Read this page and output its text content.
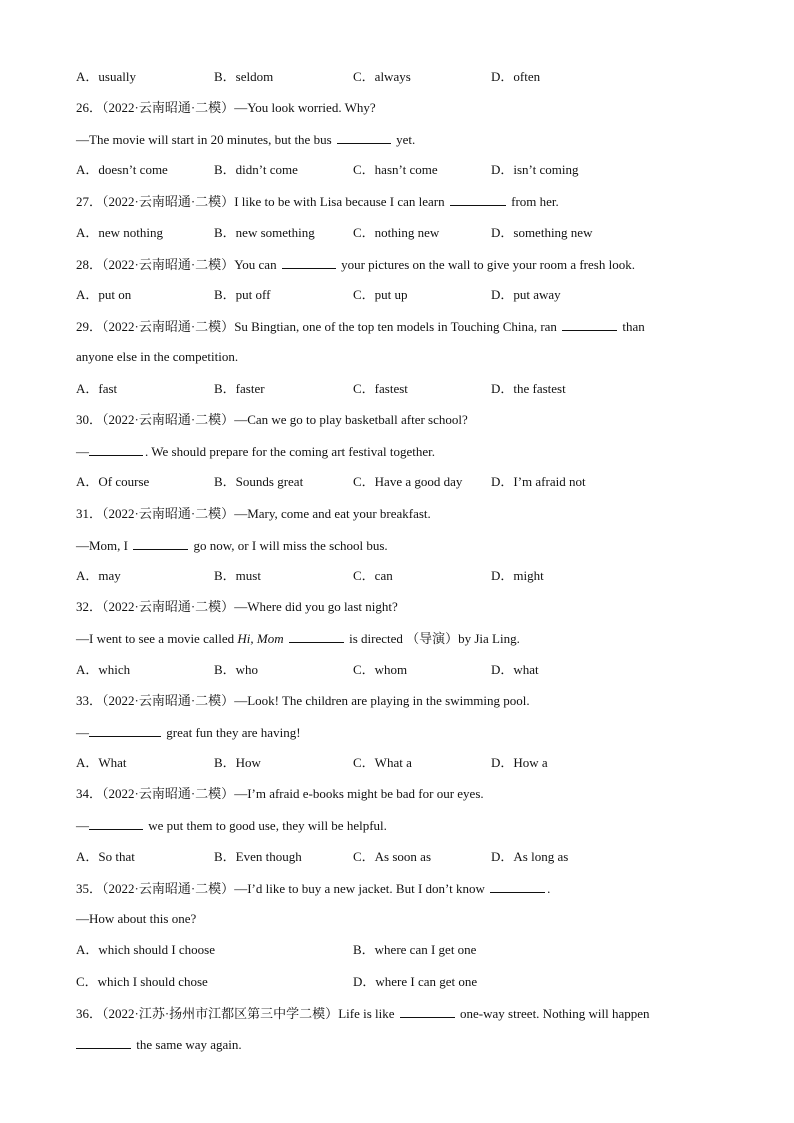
A．usually	B．seldom	C．always	D．often
26．（2022·云南昭通·二模）—You look worried. Why?
—The movie will start in 20 minutes, but the bus	yet.
A．doesn’t come	B．didn’t come	C．hasn’t come	D．isn’t coming
27．（2022·云南昭通·二模）I like to be with Lisa because I can learn	from her.
A．new nothing	B．new something	C．nothing new	D．something new
28．（2022·云南昭通·二模）You can	your pictures on the wall to give your room a fresh look.
A．put on	B．put off	C．put up	D．put away
29．（2022·云南昭通·二模）Su Bingtian, one of the top ten models in Touching China, ran	than
anyone else in the competition.
A．fast	B．faster	C．fastest	D．the fastest
30．（2022·云南昭通·二模）—Can we go to play basketball after school?
—	. We should prepare for the coming art festival together.
A．Of course	B．Sounds great	C．Have a good day	D．I’m afraid not
31．（2022·云南昭通·二模）—Mary, come and eat your breakfast.
—Mom, I	go now, or I will miss the school bus.
A．may	B．must	C．can	D．might
32．（2022·云南昭通·二模）—Where did you go last night?
—I went to see a movie called Hi, Mom	is directed （导演）by Jia Ling.
A．which	B．who	C．whom	D．what
33．（2022·云南昭通·二模）—Look! The children are playing in the swimming pool.
—	great fun they are having!
A．What	B．How	C．What a	D．How a
34．（2022·云南昭通·二模）—I’m afraid e-books might be bad for our eyes.
—	we put them to good use, they will be helpful.
A．So that	B．Even though	C．As soon as	D．As long as
35．（2022·云南昭通·二模）—I’d like to buy a new jacket. But I don’t know	.
—How about this one?
A．which should I choose	B．where can I get one
C．which I should chose	D．where I can get one
36．（2022·江苏·扬州市江都区第三中学二模）Life is like	one-way street. Nothing will happen
the same way again.
